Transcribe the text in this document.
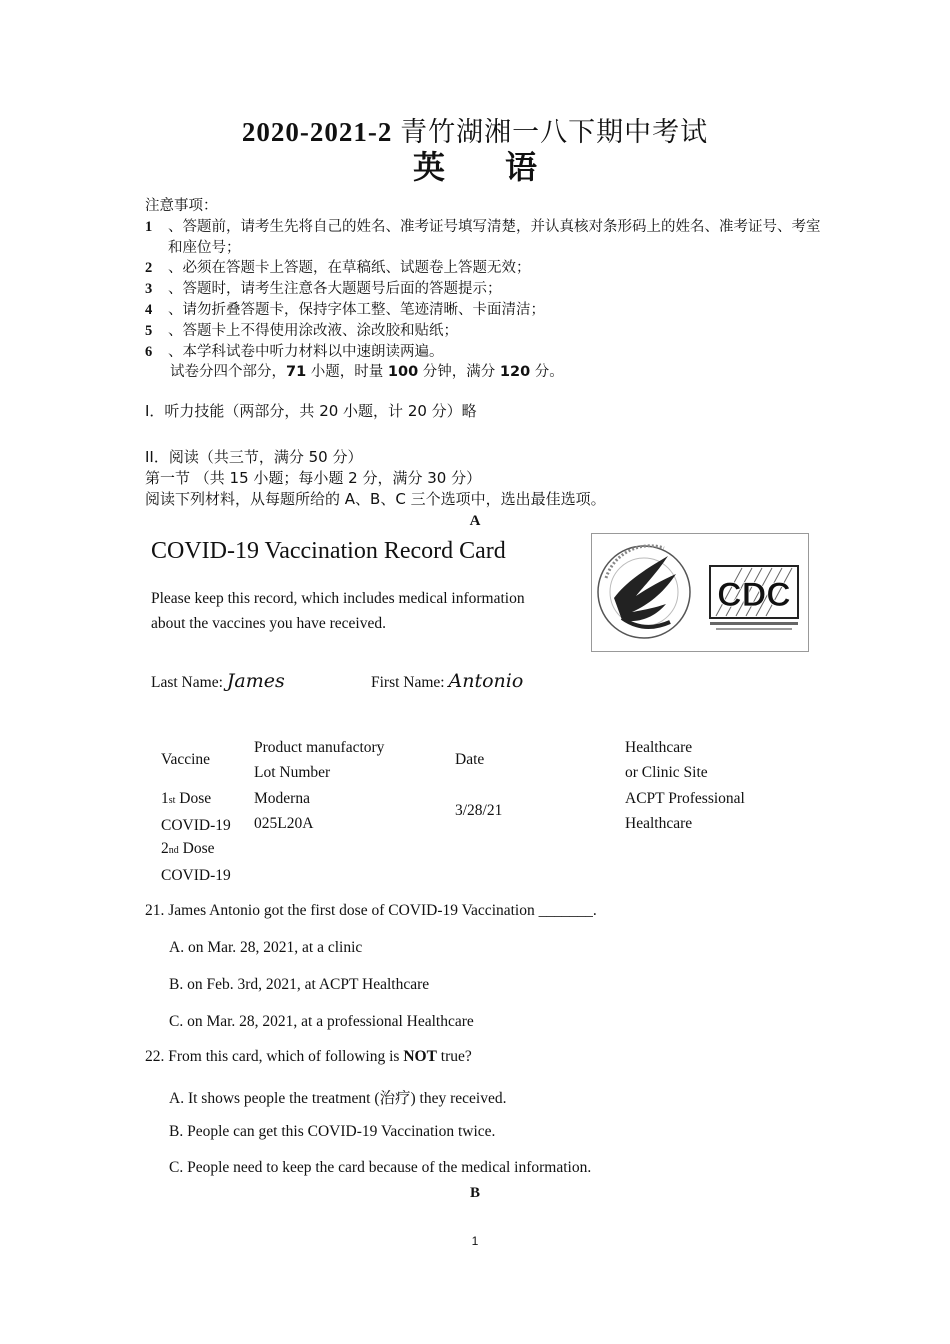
2020-2021-2 青竹湖湘一八下期中考试
英 语
注意事项：
1 、答题前，请考生先将自己的姓名、准考证号填写清楚，并认真核对条形码上的姓名、准考证号、考室和座位号；
2 、必须在答题卡上答题，在草稿纸、试题卷上答题无效；
3 、答题时，请考生注意各大题题号后面的答题提示；
4 、请勿折叠答题卡，保持字体工整、笔迹清晰、卡面清洁；
5 、答题卡上不得使用涂改液、涂改胶和贴纸；
6 、本学科试卷中听力材料以中速朗读两遍。
试卷分四个部分，71 小题，时量 100 分钟，满分 120 分。
I．听力技能（两部分，共 20 小题，计 20 分）略
II．阅读（共三节，满分 50 分）
第一节 （共 15 小题；每小题 2 分，满分 30 分）
阅读下列材料，从每题所给的 A、B、C 三个选项中，选出最佳选项。
A
COVID-19 Vaccination Record Card
Please keep this record, which includes medical information
about the vaccines you have received.
CDC
Last Name: James	First Name: Antonio
Vaccine
Product manufactory
Lot Number
Date
Healthcare
or Clinic Site
1st Dose
COVID-19
Moderna
025L20A
3/28/21
ACPT Professional
Healthcare
2nd Dose
COVID-19
21. James Antonio got the first dose of COVID-19 Vaccination _______.
A. on Mar. 28, 2021, at a clinic
B. on Feb. 3rd, 2021, at ACPT Healthcare
C. on Mar. 28, 2021, at a professional Healthcare
22. From this card, which of following is NOT true?
A. It shows people the treatment (治疗) they received.
B. People can get this COVID-19 Vaccination twice.
C. People need to keep the card because of the medical information.
B
1
